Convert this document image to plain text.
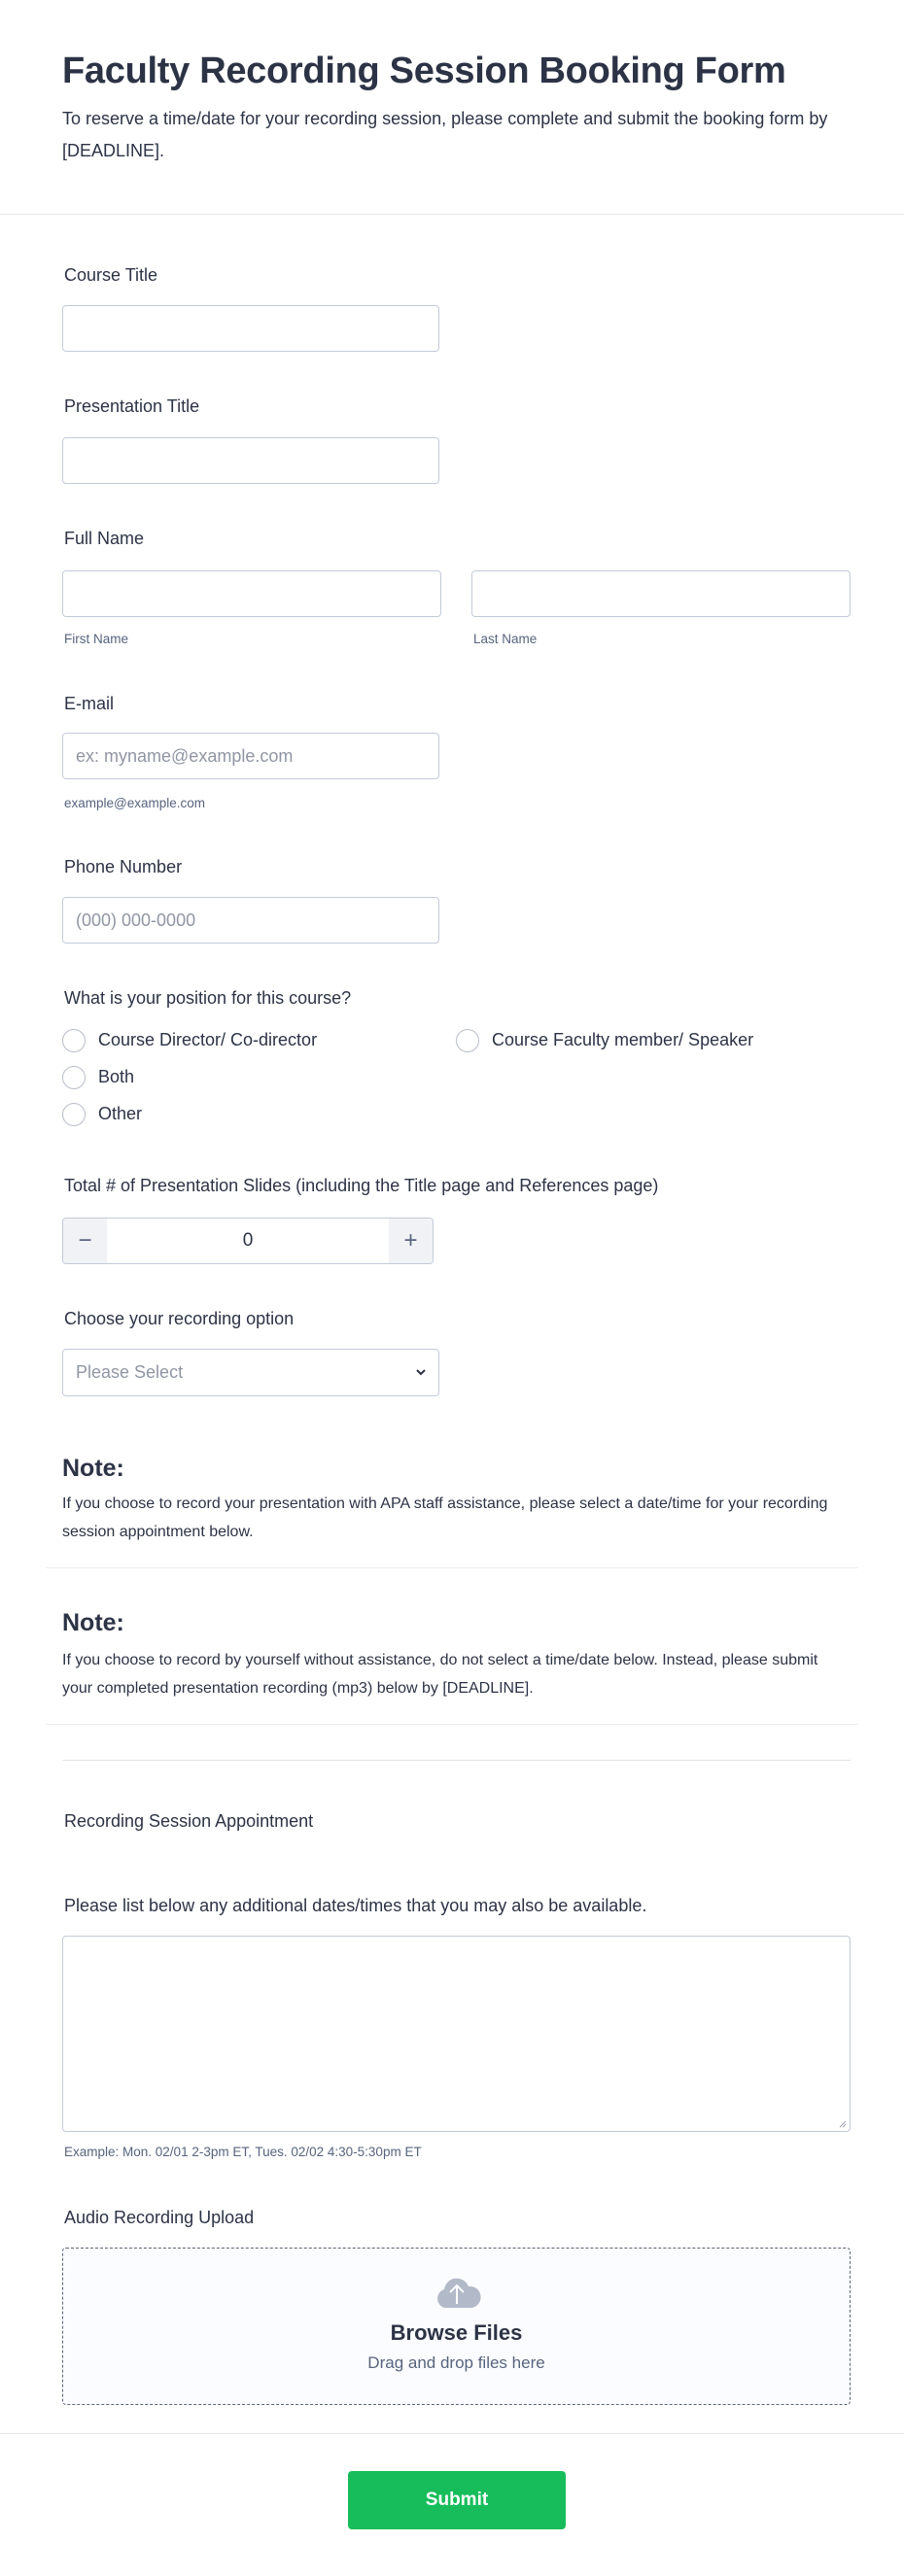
Faculty Recording Session Booking Form
To reserve a time/date for your recording session, please complete and submit the booking form by [DEADLINE].
Course Title
Presentation Title
Full Name
First Name	Last Name
E-mail
ex: myname@example.com
example@example.com
Phone Number
(000) 000-0000
What is your position for this course?
Course Director/ Co-director	Course Faculty member/ Speaker
Both
Other
Total # of Presentation Slides (including the Title page and References page)
−	0	+
Choose your recording option
Please Select
Note:
If you choose to record your presentation with APA staff assistance, please select a date/time for your recording session appointment below.
Note:
If you choose to record by yourself without assistance, do not select a time/date below. Instead, please submit your completed presentation recording (mp3) below by [DEADLINE].
Recording Session Appointment
Please list below any additional dates/times that you may also be available.
Example: Mon. 02/01 2-3pm ET, Tues. 02/02 4:30-5:30pm ET
Audio Recording Upload
Browse Files
Drag and drop files here
Submit
